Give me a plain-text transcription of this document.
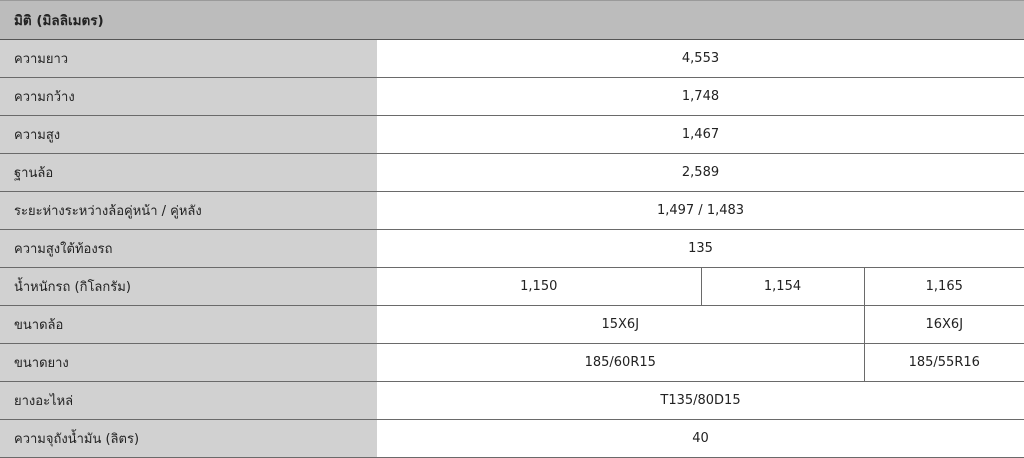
มิติ (มิลลิเมตร)			
ความยาว	4,553		
ความกว้าง	1,748		
ความสูง	1,467		
ฐานล้อ	2,589		
ระยะห่างระหว่างล้อคู่หน้า / คู่หลัง	1,497 / 1,483		
ความสูงใต้ท้องรถ	135		
น้ำหนักรถ (กิโลกรัม)	1,150	1,154	1,165
ขนาดล้อ	15X6J		16X6J
ขนาดยาง	185/60R15		185/55R16
ยางอะไหล่	T135/80D15		
ความจุถังน้ำมัน (ลิตร)	40		
